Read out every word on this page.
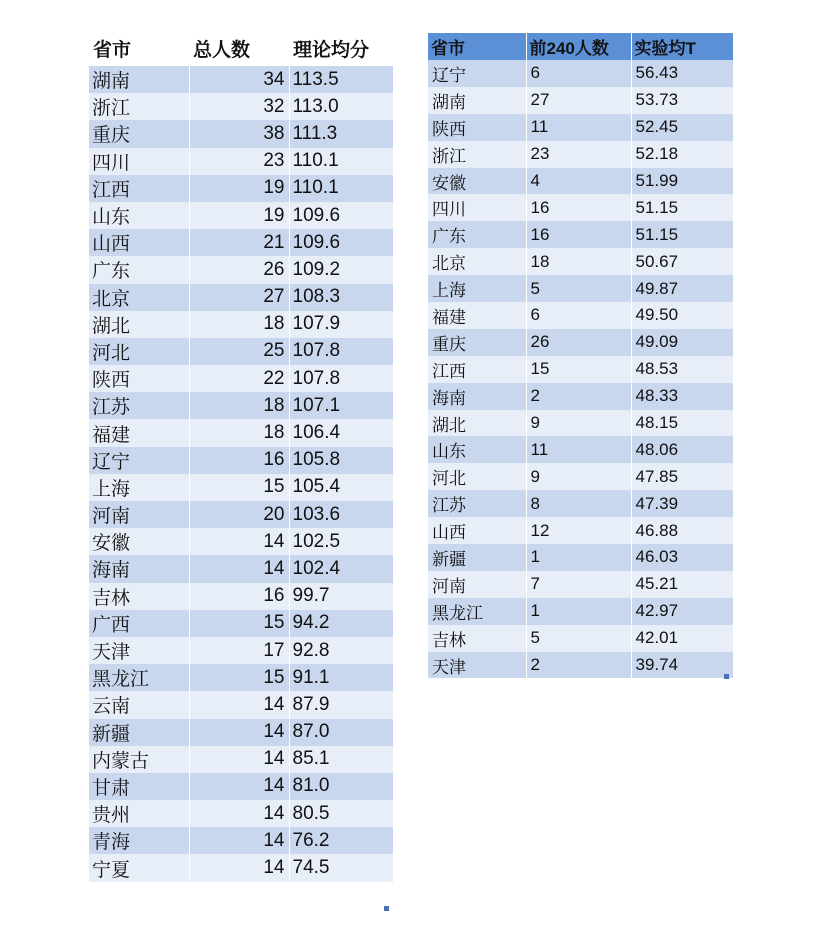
省市	总人数	理论均分
湖南	34	113.5
浙江	32	113.0
重庆	38	111.3
四川	23	110.1
江西	19	110.1
山东	19	109.6
山西	21	109.6
广东	26	109.2
北京	27	108.3
湖北	18	107.9
河北	25	107.8
陕西	22	107.8
江苏	18	107.1
福建	18	106.4
辽宁	16	105.8
上海	15	105.4
河南	20	103.6
安徽	14	102.5
海南	14	102.4
吉林	16	99.7
广西	15	94.2
天津	17	92.8
黑龙江	15	91.1
云南	14	87.9
新疆	14	87.0
内蒙古	14	85.1
甘肃	14	81.0
贵州	14	80.5
青海	14	76.2
宁夏	14	74.5
省市	前240人数	实验均T
辽宁	6	56.43
湖南	27	53.73
陕西	11	52.45
浙江	23	52.18
安徽	4	51.99
四川	16	51.15
广东	16	51.15
北京	18	50.67
上海	5	49.87
福建	6	49.50
重庆	26	49.09
江西	15	48.53
海南	2	48.33
湖北	9	48.15
山东	11	48.06
河北	9	47.85
江苏	8	47.39
山西	12	46.88
新疆	1	46.03
河南	7	45.21
黑龙江	1	42.97
吉林	5	42.01
天津	2	39.74
